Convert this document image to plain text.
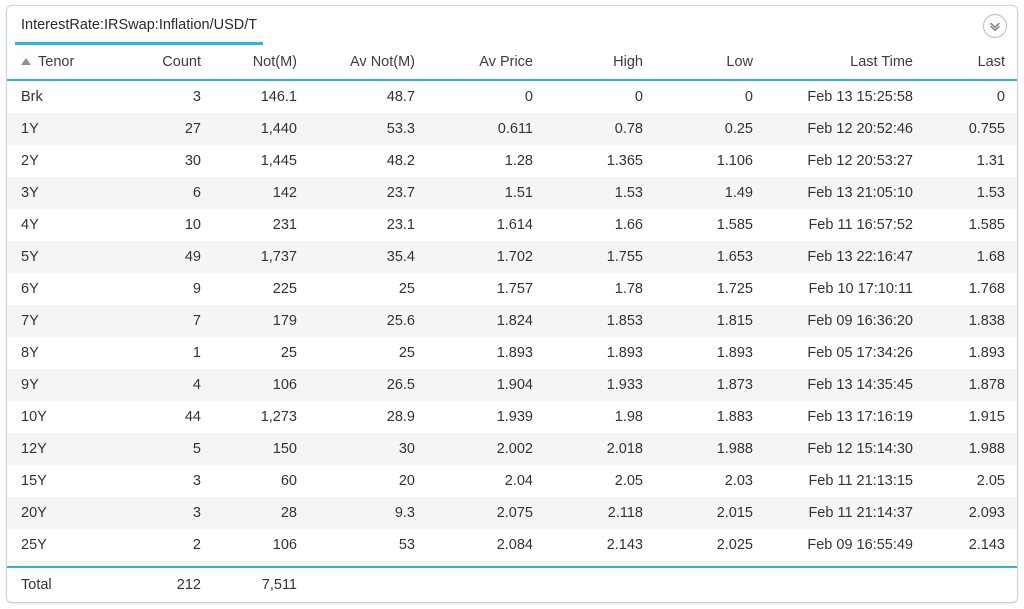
InterestRate:IRSwap:Inflation/USD/T
Tenor	Count	Not(M)	Av Not(M)	Av Price	High	Low	Last Time	Last
Brk	3	146.1	48.7	0	0	0	Feb 13 15:25:58	0
1Y	27	1,440	53.3	0.611	0.78	0.25	Feb 12 20:52:46	0.755
2Y	30	1,445	48.2	1.28	1.365	1.106	Feb 12 20:53:27	1.31
3Y	6	142	23.7	1.51	1.53	1.49	Feb 13 21:05:10	1.53
4Y	10	231	23.1	1.614	1.66	1.585	Feb 11 16:57:52	1.585
5Y	49	1,737	35.4	1.702	1.755	1.653	Feb 13 22:16:47	1.68
6Y	9	225	25	1.757	1.78	1.725	Feb 10 17:10:11	1.768
7Y	7	179	25.6	1.824	1.853	1.815	Feb 09 16:36:20	1.838
8Y	1	25	25	1.893	1.893	1.893	Feb 05 17:34:26	1.893
9Y	4	106	26.5	1.904	1.933	1.873	Feb 13 14:35:45	1.878
10Y	44	1,273	28.9	1.939	1.98	1.883	Feb 13 17:16:19	1.915
12Y	5	150	30	2.002	2.018	1.988	Feb 12 15:14:30	1.988
15Y	3	60	20	2.04	2.05	2.03	Feb 11 21:13:15	2.05
20Y	3	28	9.3	2.075	2.118	2.015	Feb 11 21:14:37	2.093
25Y	2	106	53	2.084	2.143	2.025	Feb 09 16:55:49	2.143

Total	212	7,511						
